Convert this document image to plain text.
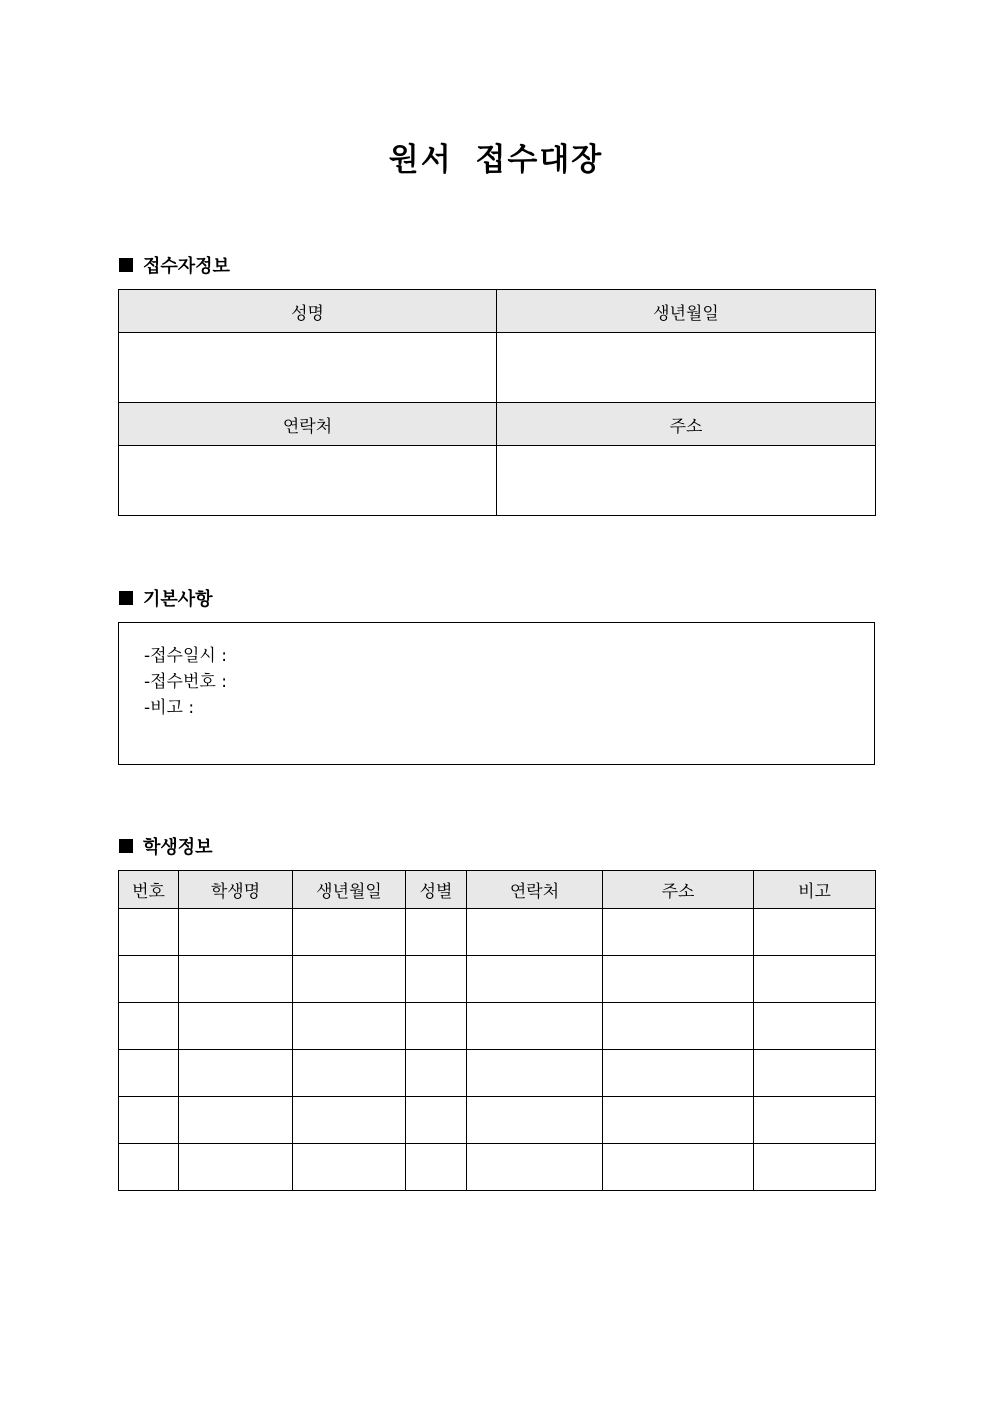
원서 접수대장
접수자정보
성명	생년월일

연락처	주소

기본사항
-접수일시 :
-접수번호 :
-비고 :
학생정보
번호	학생명	생년월일	성별	연락처	주소	비고
